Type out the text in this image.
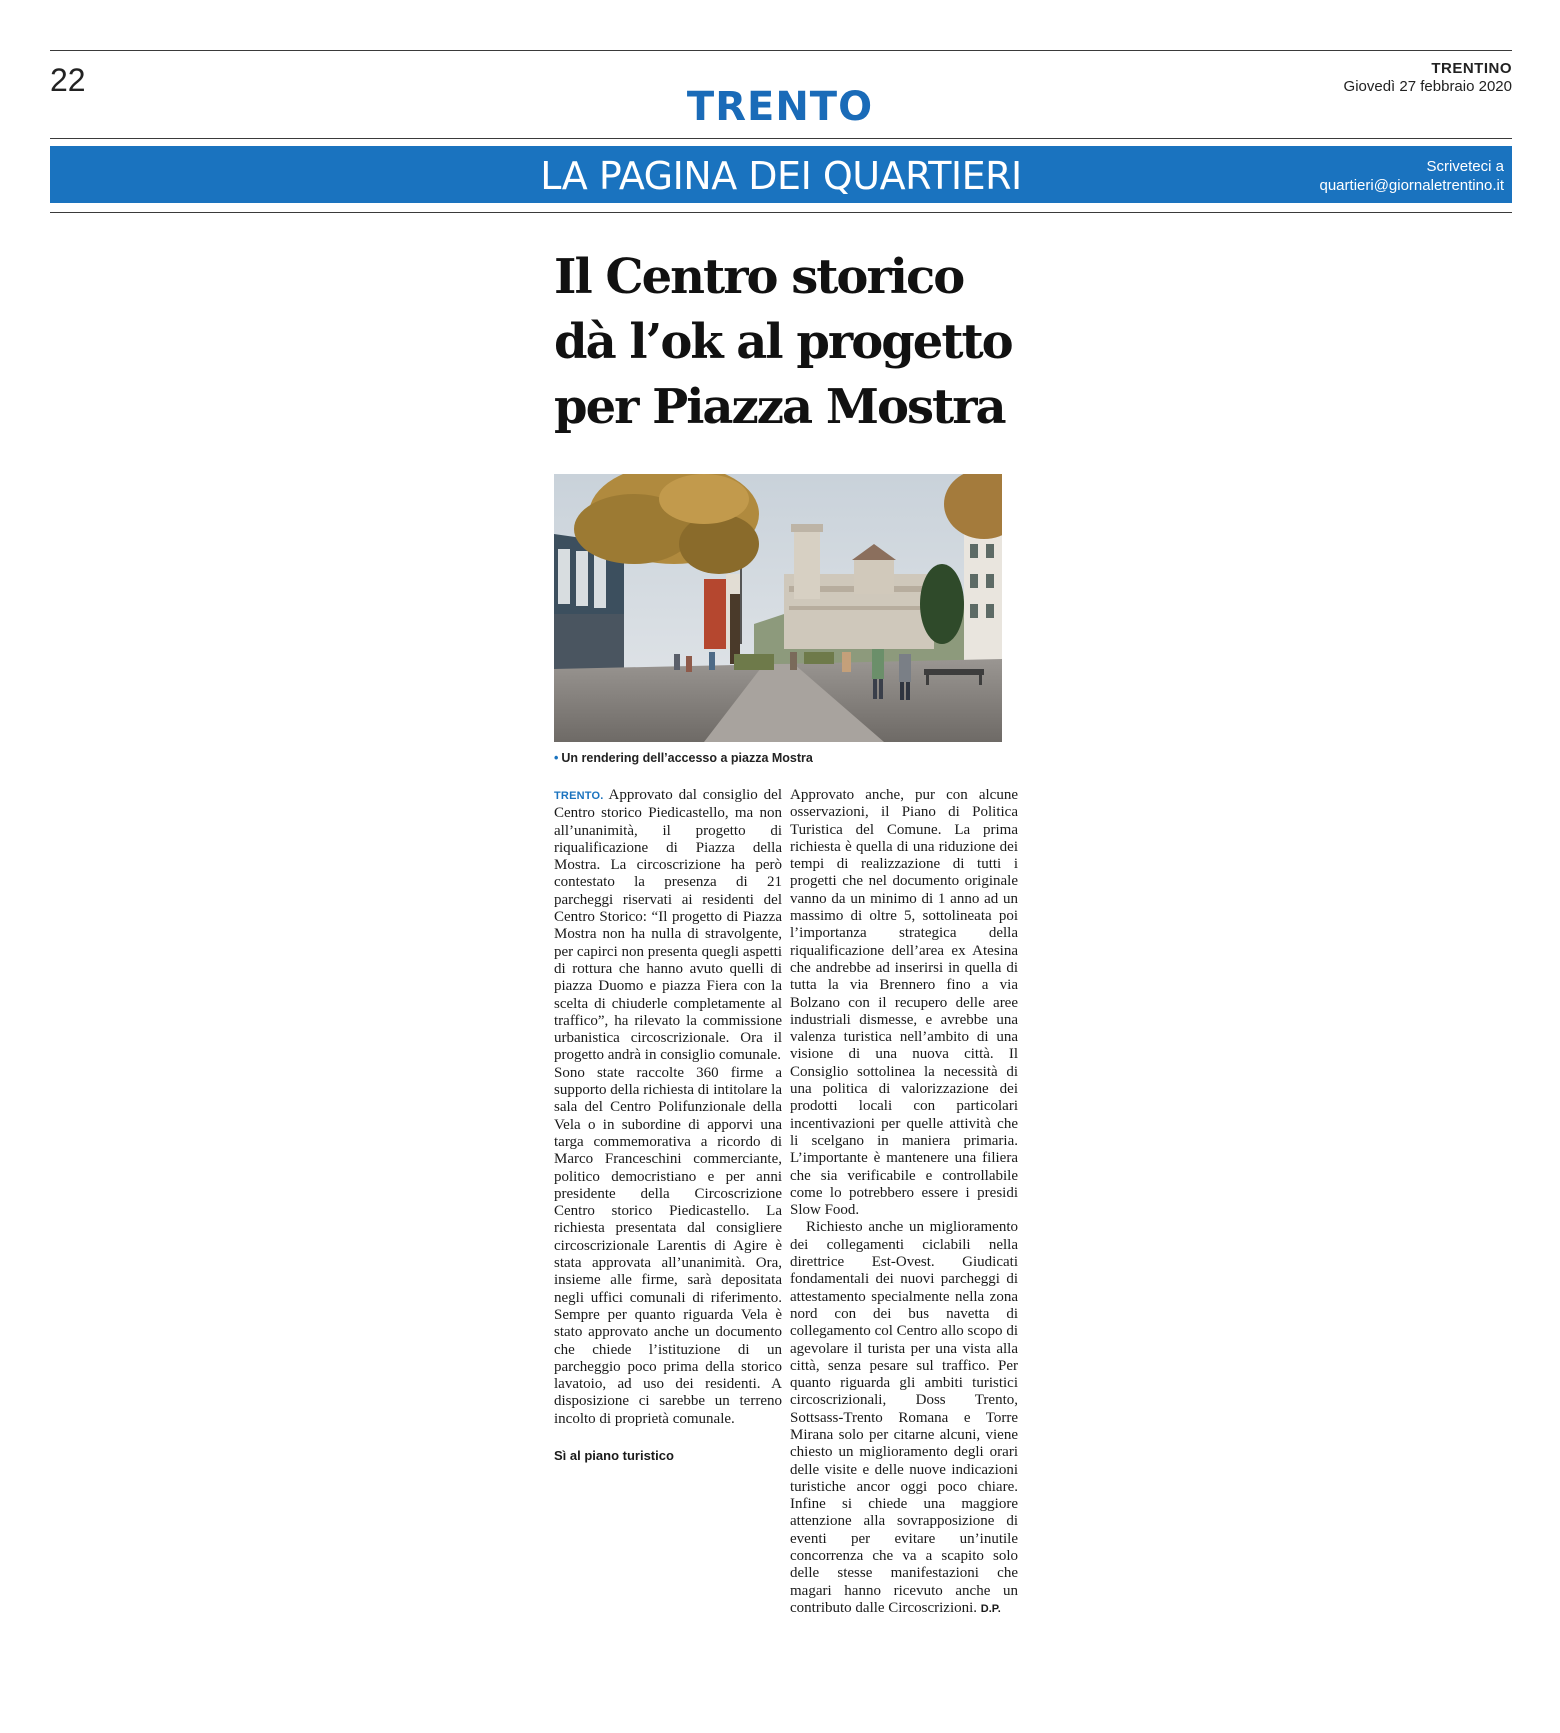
22
TRENTO
TRENTINO
Giovedì 27 febbraio 2020
LA PAGINA DEI QUARTIERI	Scriveteci a
quartieri@giornaletrentino.it
Il Centro storico
dà l’ok al progetto
per Piazza Mostra
• Un rendering dell’accesso a piazza Mostra

TRENTO. Approvato dal consiglio del Centro storico Piedicastello, ma non all’unanimità, il progetto di riqualificazione di Piazza della Mostra. La circoscrizione ha però contestato la presenza di 21 parcheggi riservati ai residenti del Centro Storico: “Il progetto di Piazza Mostra non ha nulla di stravolgente, per capirci non presenta quegli aspetti di rottura che hanno avuto quelli di piazza Duomo e piazza Fiera con la scelta di chiuderle completamente al traffico”, ha rilevato la commissione urbanistica circoscrizionale. Ora il progetto andrà in consiglio comunale.

Sono state raccolte 360 firme a supporto della richiesta di intitolare la sala del Centro Polifunzionale della Vela o in subordine di apporvi una targa commemorativa a ricordo di Marco Franceschini commerciante, politico democristiano e per anni presidente della Circoscrizione Centro storico Piedicastello. La richiesta presentata dal consigliere circoscrizionale Larentis di Agire è stata approvata all’unanimità. Ora, insieme alle firme, sarà depositata negli uffici comunali di riferimento. Sempre per quanto riguarda Vela è stato approvato anche un documento che chiede l’istituzione di un parcheggio poco prima della storico lavatoio, ad uso dei residenti. A disposizione ci sarebbe un terreno incolto di proprietà comunale.

Sì al piano turistico

Approvato anche, pur con alcune osservazioni, il Piano di Politica Turistica del Comune. La prima richiesta è quella di una riduzione dei tempi di realizzazione di tutti i progetti che nel documento originale vanno da un minimo di 1 anno ad un massimo di oltre 5, sottolineata poi l’importanza strategica della riqualificazione dell’area ex Atesina che andrebbe ad inserirsi in quella di tutta la via Brennero fino a via Bolzano con il recupero delle aree industriali dismesse, e avrebbe una valenza turistica nell’ambito di una visione di una nuova città. Il Consiglio sottolinea la necessità di una politica di valorizzazione dei prodotti locali con particolari incentivazioni per quelle attività che li scelgano in maniera primaria. L’importante è mantenere una filiera che sia verificabile e controllabile come lo potrebbero essere i presidi Slow Food.

Richiesto anche un miglioramento dei collegamenti ciclabili nella direttrice Est-Ovest. Giudicati fondamentali dei nuovi parcheggi di attestamento specialmente nella zona nord con dei bus navetta di collegamento col Centro allo scopo di agevolare il turista per una vista alla città, senza pesare sul traffico. Per quanto riguarda gli ambiti turistici circoscrizionali, Doss Trento, Sottsass-Trento Romana e Torre Mirana solo per citarne alcuni, viene chiesto un miglioramento degli orari delle visite e delle nuove indicazioni turistiche ancor oggi poco chiare. Infine si chiede una maggiore attenzione alla sovrapposizione di eventi per evitare un’inutile concorrenza che va a scapito solo delle stesse manifestazioni che magari hanno ricevuto anche un contributo dalle Circoscrizioni. D.P.
